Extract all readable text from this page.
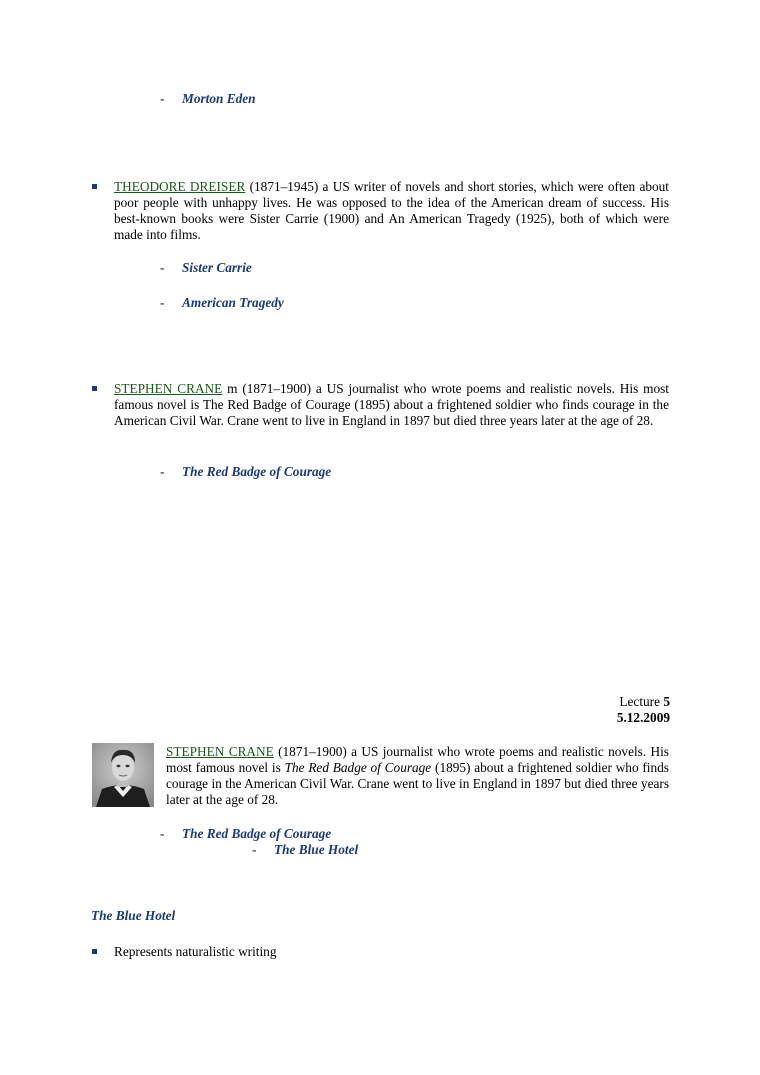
- Morton Eden
THEODORE DREISER (1871–1945) a US writer of novels and short stories, which were often about poor people with unhappy lives. He was opposed to the idea of the American dream of success. His best-known books were Sister Carrie (1900) and An American Tragedy (1925), both of which were made into films.
- Sister Carrie
- American Tragedy
STEPHEN CRANE m (1871–1900) a US journalist who wrote poems and realistic novels. His most famous novel is The Red Badge of Courage (1895) about a frightened soldier who finds courage in the American Civil War. Crane went to live in England in 1897 but died three years later at the age of 28.
- The Red Badge of Courage
Lecture 5
5.12.2009
STEPHEN CRANE (1871–1900) a US journalist who wrote poems and realistic novels. His most famous novel is The Red Badge of Courage (1895) about a frightened soldier who finds courage in the American Civil War. Crane went to live in England in 1897 but died three years later at the age of 28.
- The Red Badge of Courage
- The Blue Hotel
The Blue Hotel
Represents naturalistic writing
